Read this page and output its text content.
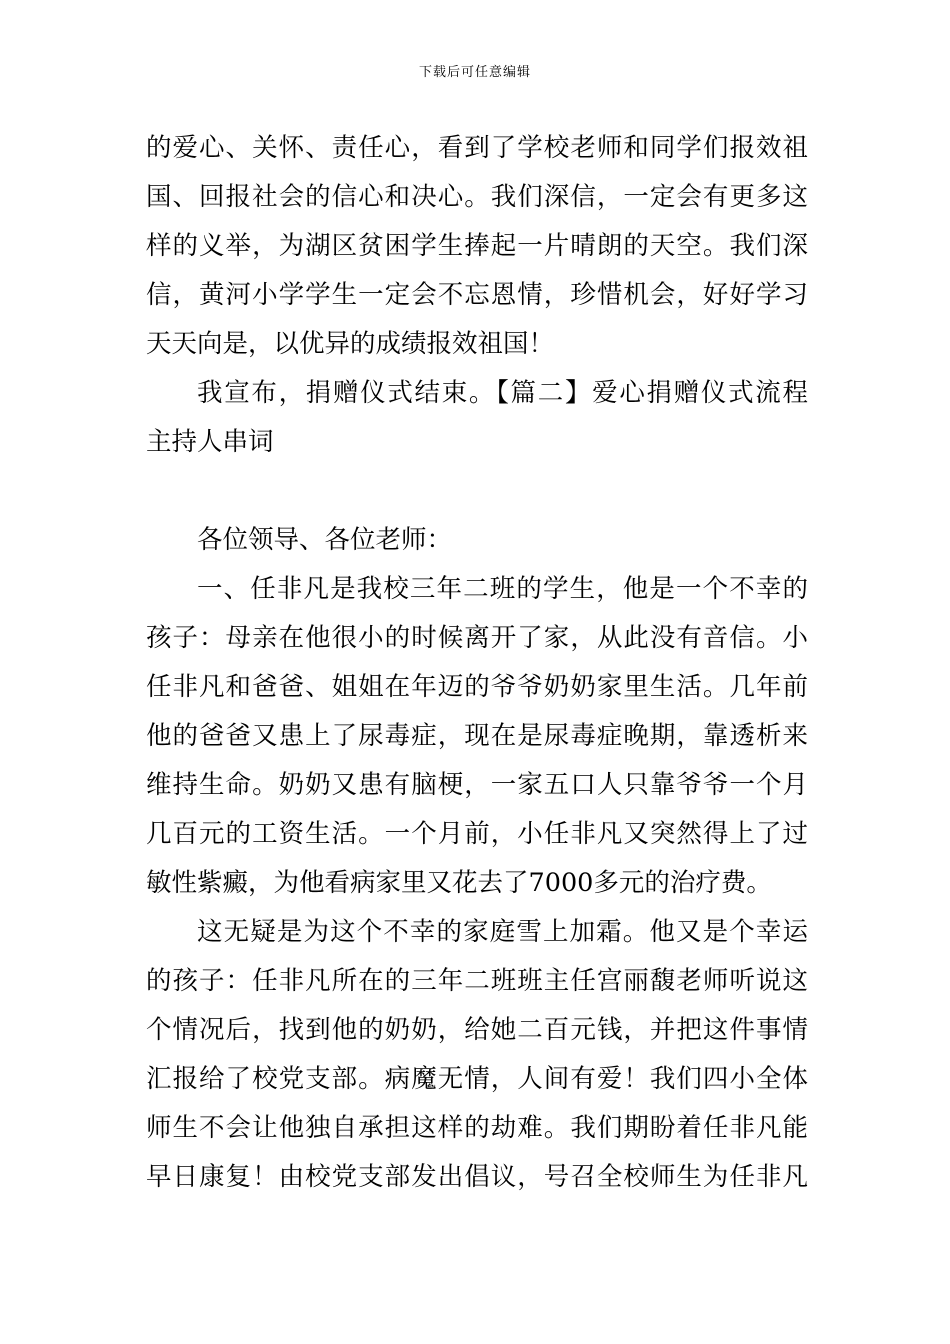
下载后可任意编辑
的爱心、关怀、责任心，看到了学校老师和同学们报效祖
国、回报社会的信心和决心。我们深信，一定会有更多这
样的义举，为湖区贫困学生捧起一片晴朗的天空。我们深
信，黄河小学学生一定会不忘恩情，珍惜机会，好好学习
天天向是，以优异的成绩报效祖国！
我宣布，捐赠仪式结束。【篇二】爱心捐赠仪式流程
主持人串词
各位领导、各位老师：
一、任非凡是我校三年二班的学生，他是一个不幸的
孩子：母亲在他很小的时候离开了家，从此没有音信。小
任非凡和爸爸、姐姐在年迈的爷爷奶奶家里生活。几年前
他的爸爸又患上了尿毒症，现在是尿毒症晚期，靠透析来
维持生命。奶奶又患有脑梗，一家五口人只靠爷爷一个月
几百元的工资生活。一个月前，小任非凡又突然得上了过
敏性紫癜，为他看病家里又花去了7000多元的治疗费。
这无疑是为这个不幸的家庭雪上加霜。他又是个幸运
的孩子：任非凡所在的三年二班班主任宫丽馥老师听说这
个情况后，找到他的奶奶，给她二百元钱，并把这件事情
汇报给了校党支部。病魔无情，人间有爱！我们四小全体
师生不会让他独自承担这样的劫难。我们期盼着任非凡能
早日康复！由校党支部发出倡议，号召全校师生为任非凡
